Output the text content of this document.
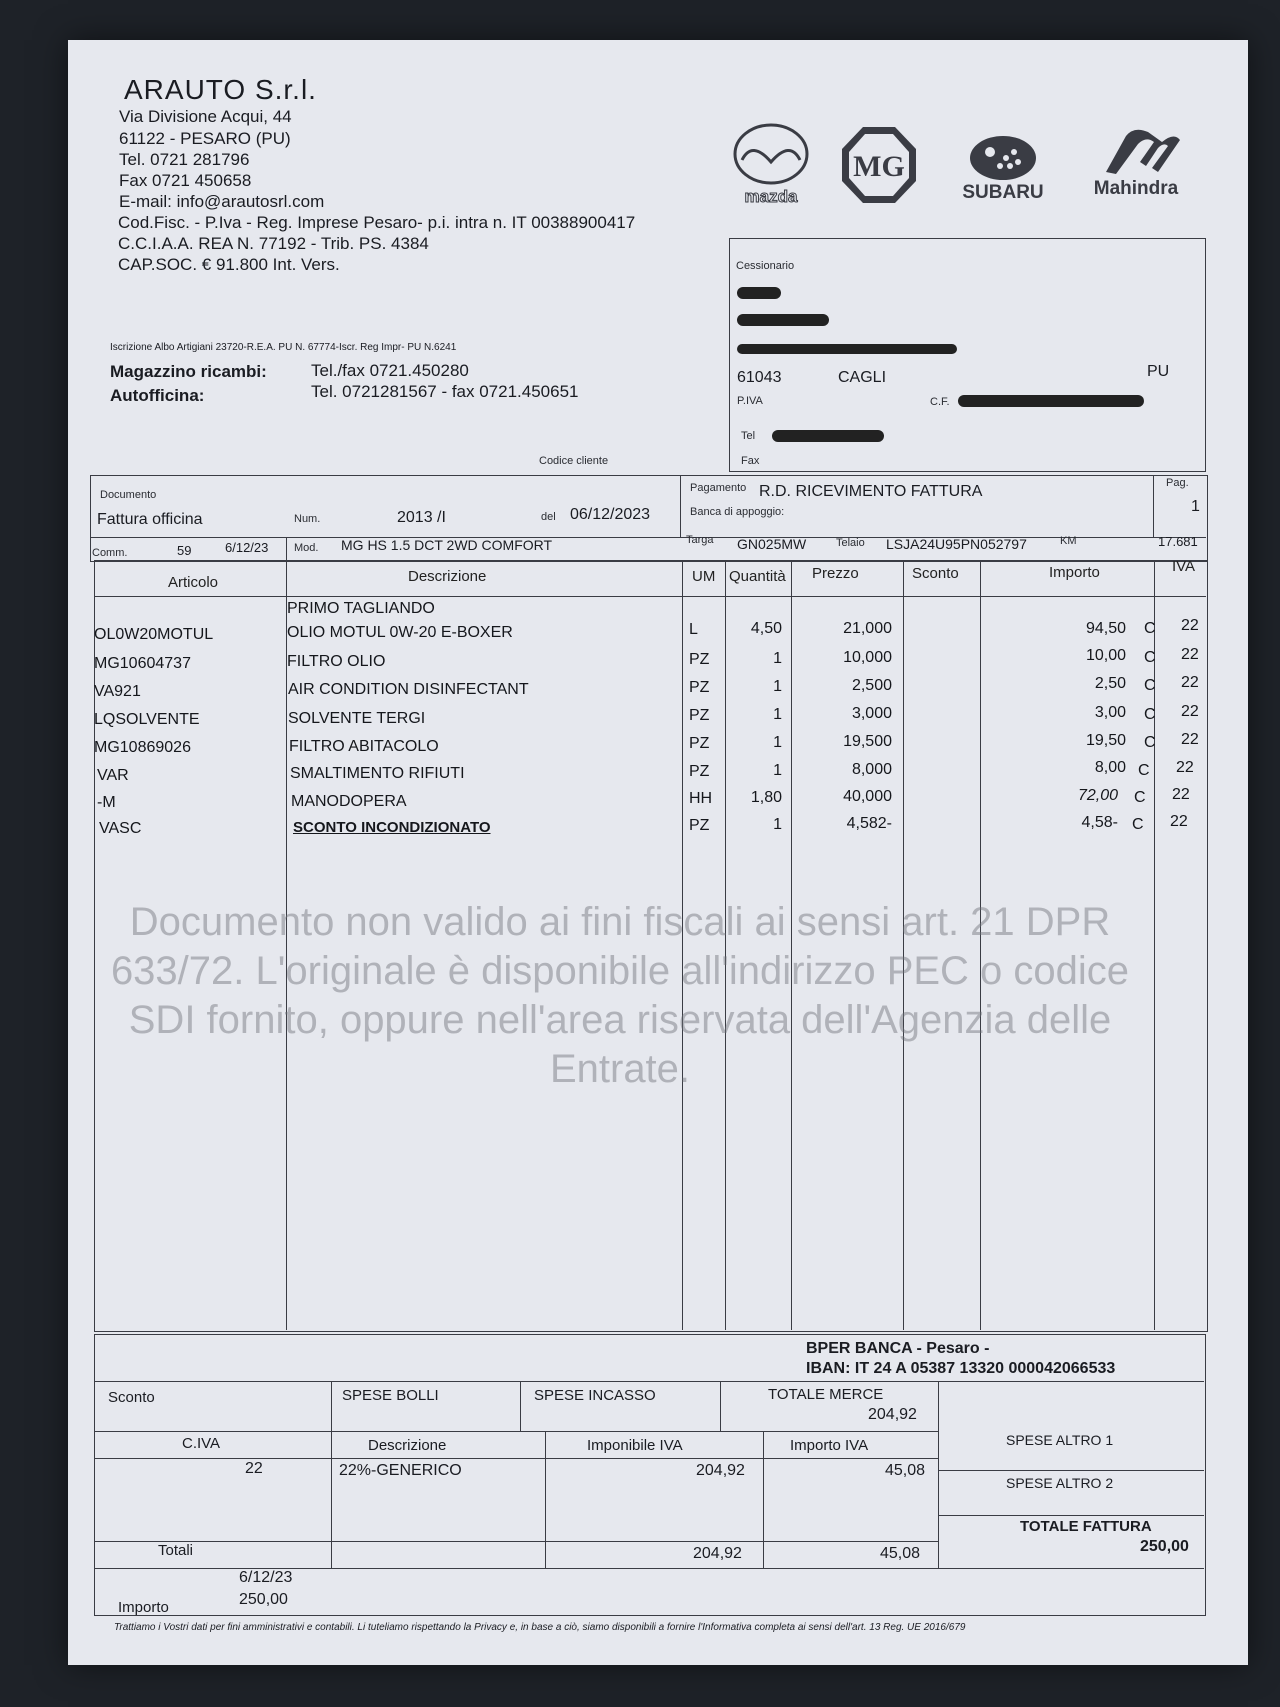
ARAUTO S.r.l.
Via Divisione Acqui, 44
61122 - PESARO (PU)
Tel. 0721 281796
Fax 0721 450658
E-mail: info@arautosrl.com
Cod.Fisc. - P.Iva - Reg. Imprese Pesaro- p.i. intra n. IT 00388900417
C.C.I.A.A. REA N. 77192 - Trib. PS. 4384
CAP.SOC. € 91.800 Int. Vers.
Iscrizione Albo Artigiani 23720-R.E.A. PU N. 67774-Iscr. Reg Impr- PU N.6241
Magazzino ricambi:	Tel./fax 0721.450280
Autofficina:	Tel. 0721281567 - fax 0721.450651
Codice cliente
mazda
MG
SUBARU	Mahindra
Cessionario
61043	CAGLI	PU
P.IVA	C.F.
Tel
Fax
Documento
Fattura officina	Num.	2013 /I	del 06/12/2023
Pagamento R.D. RICEVIMENTO FATTURA
Banca di appoggio:
Pag.
1
Comm.	59	6/12/23 Mod. MG HS 1.5 DCT 2WD COMFORT	Targa GN025MW	Telaio LSJA24U95PN052797	KM	17.681
Articolo	Descrizione	UM Quantità Prezzo	Sconto	Importo	IVA
PRIMO TAGLIANDO
OL0W20MOTUL	OLIO MOTUL 0W-20 E-BOXER	L	4,50	21,000	94,50 C 22
MG10604737	FILTRO OLIO	PZ	1	10,000	10,00 C 22
VA921	AIR CONDITION DISINFECTANT	PZ	1	2,500	2,50 C 22
LQSOLVENTE	SOLVENTE TERGI	PZ	1	3,000	3,00 C 22
MG10869026	FILTRO ABITACOLO	PZ	1	19,500	19,50 C 22
VAR	SMALTIMENTO RIFIUTI	PZ	1	8,000	8,00 C 22
-M	MANODOPERA	HH	1,80	40,000	72,00 C 22
VASC	SCONTO INCONDIZIONATO	PZ	1	4,582-	4,58- C 22
Documento non valido ai fini fiscali ai sensi art. 21 DPR 633/72. L'originale è disponibile all'indirizzo PEC o codice SDI fornito, oppure nell'area riservata dell'Agenzia delle Entrate.
BPER BANCA - Pesaro -
IBAN: IT 24 A 05387 13320 000042066533
Sconto	SPESE BOLLI	SPESE INCASSO	TOTALE MERCE
204,92
C.IVA	Descrizione	Imponibile IVA	Importo IVA
22	22%-GENERICO	204,92	45,08
SPESE ALTRO 1
SPESE ALTRO 2
TOTALE FATTURA
250,00
Totali	204,92	45,08
6/12/23
Importo	250,00
Trattiamo i Vostri dati per fini amministrativi e contabili. Li tuteliamo rispettando la Privacy e, in base a ciò, siamo disponibili a fornire l'Informativa completa ai sensi dell'art. 13 Reg. UE 2016/679
